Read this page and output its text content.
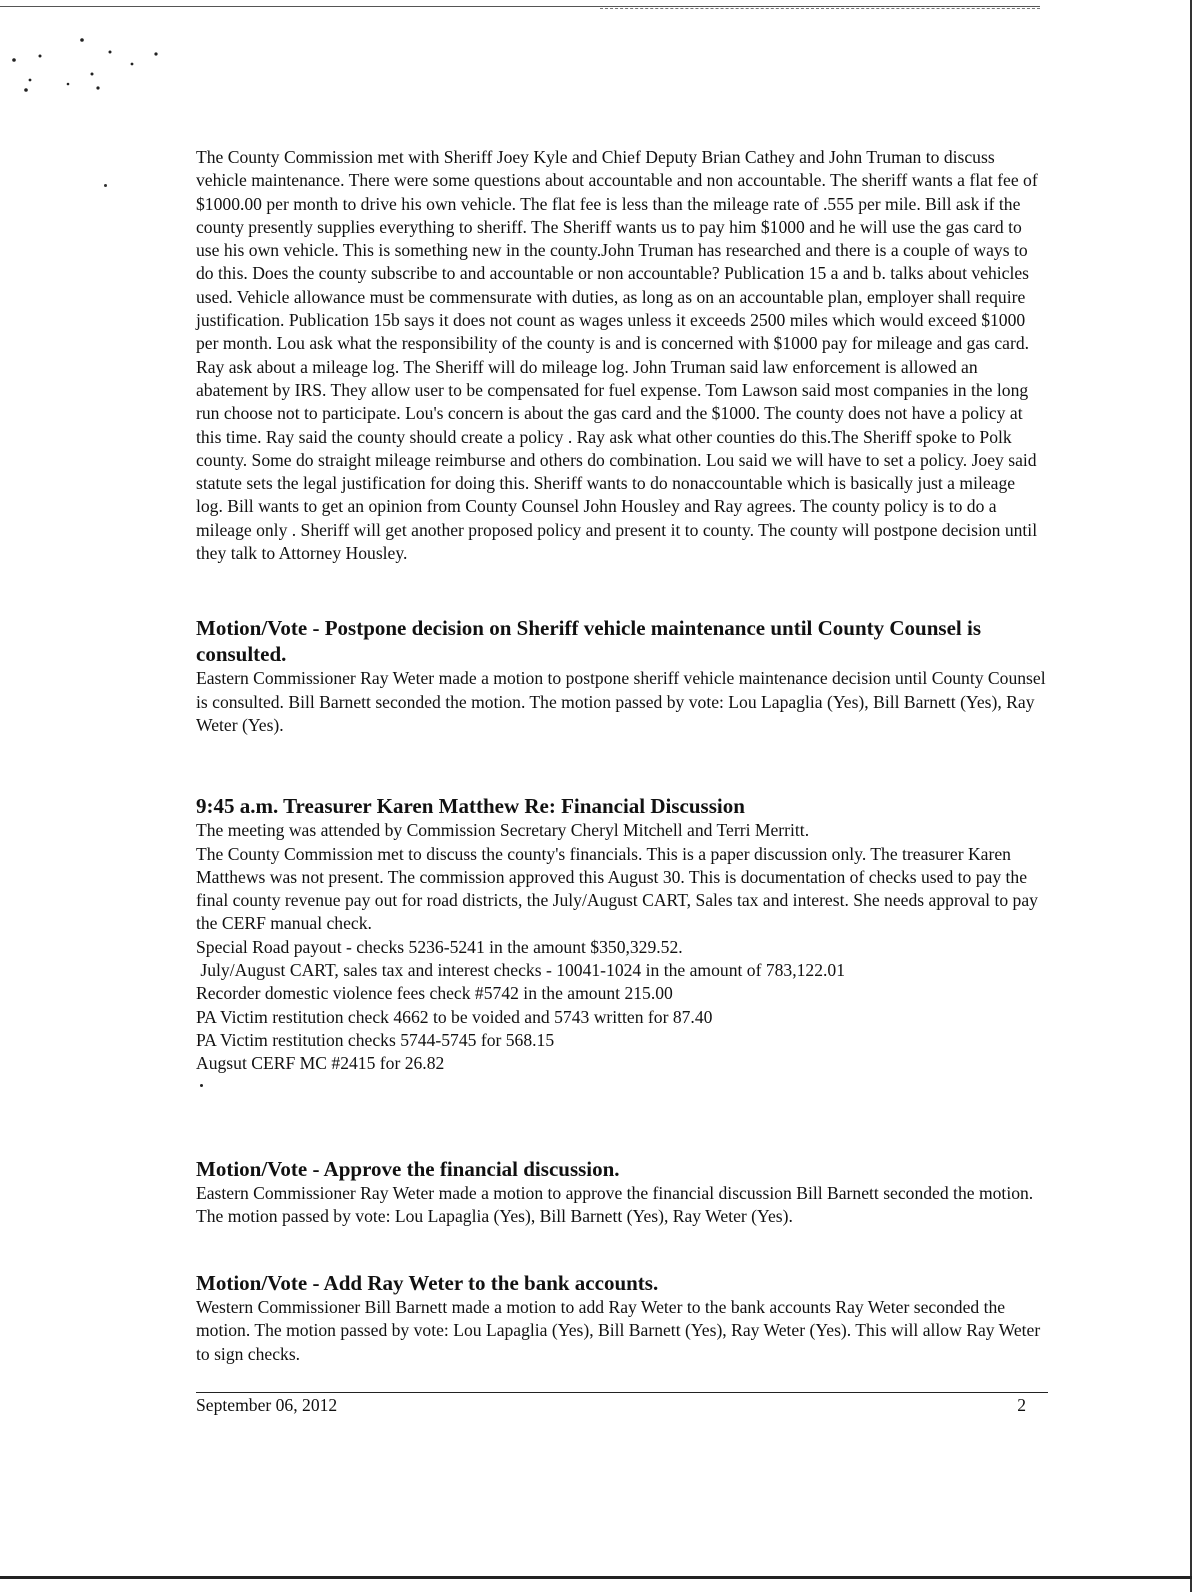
The County Commission met with Sheriff Joey Kyle and Chief Deputy Brian Cathey and John Truman to discuss vehicle maintenance. There were some questions about accountable and non accountable. The sheriff wants a flat fee of $1000.00 per month to drive his own vehicle. The flat fee is less than the mileage rate of .555 per mile. Bill ask if the county presently supplies everything to sheriff. The Sheriff wants us to pay him $1000 and he will use the gas card to use his own vehicle. This is something new in the county.John Truman has researched and there is a couple of ways to do this. Does the county subscribe to and accountable or non accountable? Publication 15 a and b. talks about vehicles used. Vehicle allowance must be commensurate with duties, as long as on an accountable plan, employer shall require justification. Publication 15b says it does not count as wages unless it exceeds 2500 miles which would exceed $1000 per month. Lou ask what the responsibility of the county is and is concerned with $1000 pay for mileage and gas card. Ray ask about a mileage log. The Sheriff will do mileage log. John Truman said law enforcement is allowed an abatement by IRS. They allow user to be compensated for fuel expense. Tom Lawson said most companies in the long run choose not to participate. Lou's concern is about the gas card and the $1000. The county does not have a policy at this time. Ray said the county should create a policy . Ray ask what other counties do this.The Sheriff spoke to Polk county. Some do straight mileage reimburse and others do combination. Lou said we will have to set a policy. Joey said statute sets the legal justification for doing this. Sheriff wants to do nonaccountable which is basically just a mileage log. Bill wants to get an opinion from County Counsel John Housley and Ray agrees. The county policy is to do a mileage only . Sheriff will get another proposed policy and present it to county. The county will postpone decision until they talk to Attorney Housley.

Motion/Vote - Postpone decision on Sheriff vehicle maintenance until County Counsel is consulted.

Eastern Commissioner Ray Weter made a motion to postpone sheriff vehicle maintenance decision until County Counsel is consulted. Bill Barnett seconded the motion. The motion passed by vote: Lou Lapaglia (Yes), Bill Barnett (Yes), Ray Weter (Yes).

9:45 a.m. Treasurer Karen Matthew Re: Financial Discussion

The meeting was attended by Commission Secretary Cheryl Mitchell and Terri Merritt.

The County Commission met to discuss the county's financials. This is a paper discussion only. The treasurer Karen Matthews was not present. The commission approved this August 30. This is documentation of checks used to pay the final county revenue pay out for road districts, the July/August CART, Sales tax and interest. She needs approval to pay the CERF manual check.

Special Road payout - checks 5236-5241 in the amount $350,329.52.

July/August CART, sales tax and interest checks - 10041-1024 in the amount of 783,122.01

Recorder domestic violence fees check #5742 in the amount 215.00

PA Victim restitution check 4662 to be voided and 5743 written for 87.40

PA Victim restitution checks 5744-5745 for 568.15

Augsut CERF MC #2415 for 26.82

Motion/Vote - Approve the financial discussion.

Eastern Commissioner Ray Weter made a motion to approve the financial discussion Bill Barnett seconded the motion. The motion passed by vote: Lou Lapaglia (Yes), Bill Barnett (Yes), Ray Weter (Yes).

Motion/Vote - Add Ray Weter to the bank accounts.

Western Commissioner Bill Barnett made a motion to add Ray Weter to the bank accounts Ray Weter seconded the motion. The motion passed by vote: Lou Lapaglia (Yes), Bill Barnett (Yes), Ray Weter (Yes). This will allow Ray Weter to sign checks.

September 06, 2012	2
